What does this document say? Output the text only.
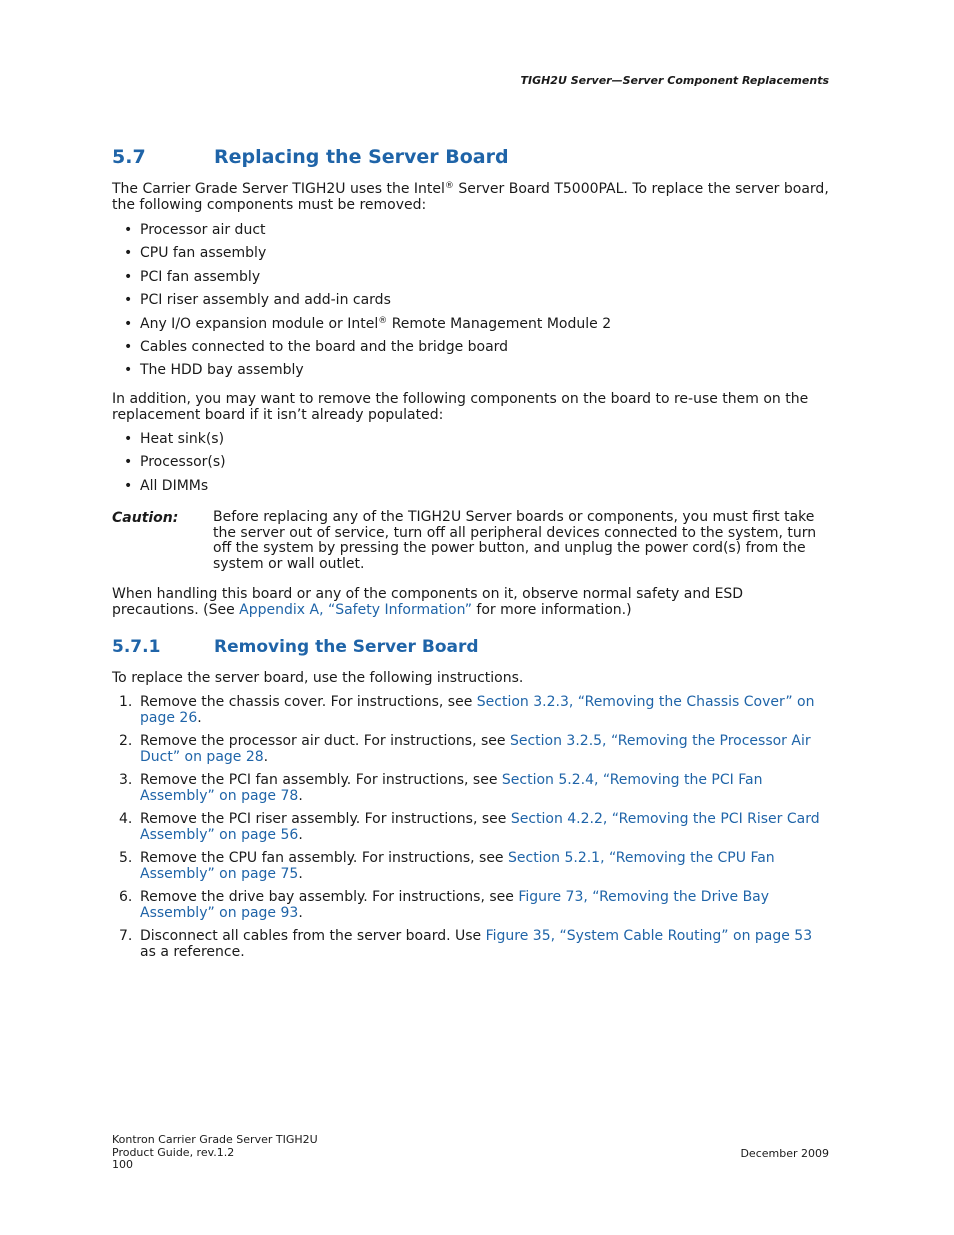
TIGH2U Server—Server Component Replacements
5.7	Replacing the Server Board
The Carrier Grade Server TIGH2U uses the Intel® Server Board T5000PAL. To replace the server board, the following components must be removed:
• Processor air duct
• CPU fan assembly
• PCI fan assembly
• PCI riser assembly and add-in cards
• Any I/O expansion module or Intel® Remote Management Module 2
• Cables connected to the board and the bridge board
• The HDD bay assembly
In addition, you may want to remove the following components on the board to re-use them on the replacement board if it isn’t already populated:
• Heat sink(s)
• Processor(s)
• All DIMMs
Caution: Before replacing any of the TIGH2U Server boards or components, you must first take the server out of service, turn off all peripheral devices connected to the system, turn off the system by pressing the power button, and unplug the power cord(s) from the system or wall outlet.
When handling this board or any of the components on it, observe normal safety and ESD precautions. (See Appendix A, “Safety Information” for more information.)
5.7.1	Removing the Server Board
To replace the server board, use the following instructions.
1. Remove the chassis cover. For instructions, see Section 3.2.3, “Removing the Chassis Cover” on page 26.
2. Remove the processor air duct. For instructions, see Section 3.2.5, “Removing the Processor Air Duct” on page 28.
3. Remove the PCI fan assembly. For instructions, see Section 5.2.4, “Removing the PCI Fan Assembly” on page 78.
4. Remove the PCI riser assembly. For instructions, see Section 4.2.2, “Removing the PCI Riser Card Assembly” on page 56.
5. Remove the CPU fan assembly. For instructions, see Section 5.2.1, “Removing the CPU Fan Assembly” on page 75.
6. Remove the drive bay assembly. For instructions, see Figure 73, “Removing the Drive Bay Assembly” on page 93.
7. Disconnect all cables from the server board. Use Figure 35, “System Cable Routing” on page 53 as a reference.
Kontron Carrier Grade Server TIGH2U
Product Guide, rev.1.2
100
December 2009
